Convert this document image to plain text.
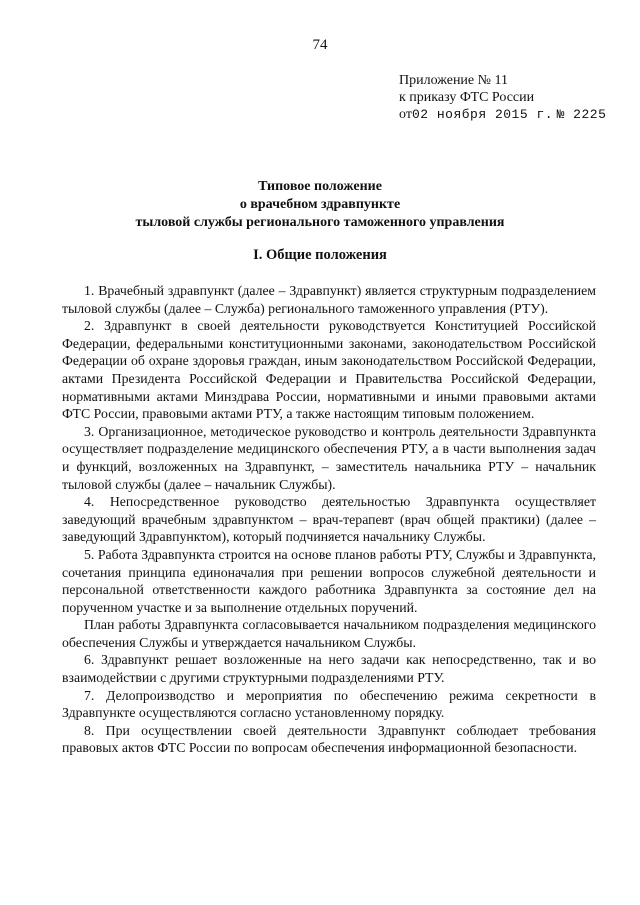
74
Приложение № 11
к приказу ФТС России
от02 ноября 2015 г. № 2225
Типовое положение
о врачебном здравпункте
тыловой службы регионального таможенного управления
I. Общие положения

1. Врачебный здравпункт (далее – Здравпункт) является структурным подразделением тыловой службы (далее – Служба) регионального таможенного управления (РТУ).

2. Здравпункт в своей деятельности руководствуется Конституцией Российской Федерации, федеральными конституционными законами, законодательством Российской Федерации об охране здоровья граждан, иным законодательством Российской Федерации, актами Президента Российской Федерации и Правительства Российской Федерации, нормативными актами Минздрава России, нормативными и иными правовыми актами ФТС России, правовыми актами РТУ, а также настоящим типовым положением.

3. Организационное, методическое руководство и контроль деятельности Здравпункта осуществляет подразделение медицинского обеспечения РТУ, а в части выполнения задач и функций, возложенных на Здравпункт, – заместитель начальника РТУ – начальник тыловой службы (далее – начальник Службы).

4. Непосредственное руководство деятельностью Здравпункта осуществляет заведующий врачебным здравпунктом – врач-терапевт (врач общей практики) (далее – заведующий Здравпунктом), который подчиняется начальнику Службы.

5. Работа Здравпункта строится на основе планов работы РТУ, Службы и Здравпункта, сочетания принципа единоначалия при решении вопросов служебной деятельности и персональной ответственности каждого работника Здравпункта за состояние дел на порученном участке и за выполнение отдельных поручений.

План работы Здравпункта согласовывается начальником подразделения медицинского обеспечения Службы и утверждается начальником Службы.

6. Здравпункт решает возложенные на него задачи как непосредственно, так и во взаимодействии с другими структурными подразделениями РТУ.

7. Делопроизводство и мероприятия по обеспечению режима секретности в Здравпункте осуществляются согласно установленному порядку.

8. При осуществлении своей деятельности Здравпункт соблюдает требования правовых актов ФТС России по вопросам обеспечения информационной безопасности.
